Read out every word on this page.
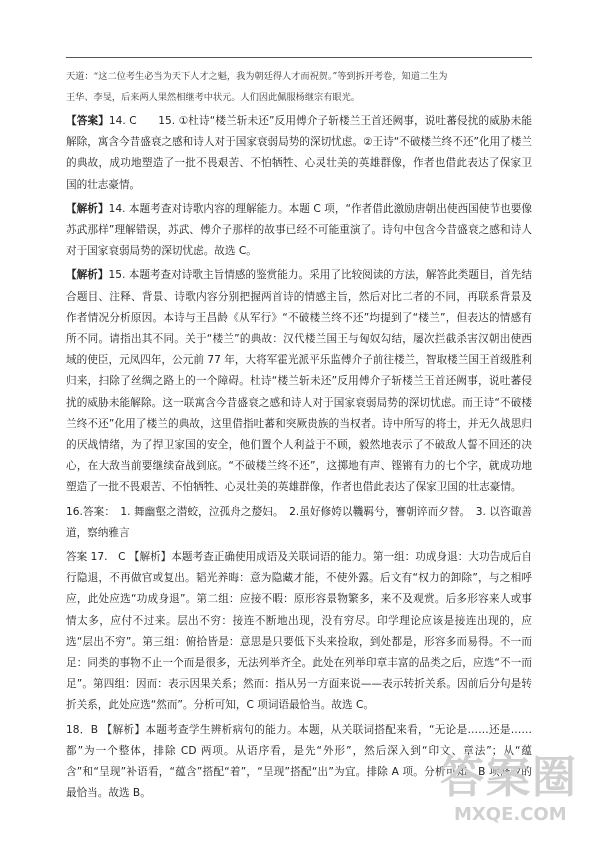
天道：“这二位考生必当为天下人才之魁，我为朝廷得人才而祝贺。”等到拆开考卷，知道二生为
王华、李旻，后来两人果然相继考中状元。人们因此佩服杨继宗有眼光。
【答案】14. C　　15. ①杜诗“楼兰斩未还”反用傅介子斩楼兰王首还阙事，说吐蕃侵扰的威胁未能解除，寓含今昔盛衰之感和诗人对于国家衰弱局势的深切忧虑。②王诗“不破楼兰终不还”化用了楼兰的典故，成功地塑造了一批不畏艰苦、不怕牺牲、心灵壮美的英雄群像，作者也借此表达了保家卫国的壮志豪情。
【解析】14. 本题考查对诗歌内容的理解能力。本题 C 项，“作者借此激励唐朝出使西国使节也要像苏武那样”理解错误，苏武、傅介子那样的故事已经不可能重演了。诗句中包含今昔盛衰之感和诗人对于国家衰弱局势的深切忧虑。故选 C。
【解析】15. 本题考查对诗歌主旨情感的鉴赏能力。采用了比较阅读的方法，解答此类题目，首先结合题目、注释、背景、诗歌内容分别把握两首诗的情感主旨，然后对比二者的不同，再联系背景及作者情况分析原因。本诗与王昌龄《从军行》“不破楼兰终不还”均提到了“楼兰”，但表达的情感有所不同。请指出其不同。关于“楼兰”的典故：汉代楼兰国王与匈奴勾结，屡次拦截杀害汉朝出使西域的使臣，元凤四年，公元前 77 年，大将军霍光派平乐监傅介子前往楼兰，智取楼兰国王首级胜利归来，扫除了丝绸之路上的一个障碍。杜诗“楼兰斩未还”反用傅介子斩楼兰王首还阙事，说吐蕃侵扰的威胁未能解除。这一联寓含今昔盛衰之感和诗人对于国家衰弱局势的深切忧虑。而王诗“不破楼兰终不还”化用了楼兰的典故，这里借指吐蕃和突厥贵族的当权者。诗中所写的将士，并无久战思归的厌战情绪，为了捍卫家国的安全，他们置个人利益于不顾，毅然地表示了不破敌人誓不回还的决心，在大敌当前要继续奋战到底。“不破楼兰终不还”，这掷地有声、铿锵有力的七个字，就成功地塑造了一批不畏艰苦、不怕牺牲、心灵壮美的英雄群像，作者也借此表达了保家卫国的壮志豪情。
16.答案：　1. 舞幽壑之潜蛟，泣孤舟之嫠妇。　2.虽好修姱以鞿羁兮，謇朝谇而夕替。　3. 以咨诹善道，察纳雅言
答案 17.　C 【解析】本题考查正确使用成语及关联词语的能力。第一组：功成身退：大功告成后自行隐退，不再做官或复出。韬光养晦：意为隐藏才能，不使外露。后文有“权力的卸除”，与之相呼应，此处应选“功成身退”。第二组：应接不暇：原形容景物繁多，来不及观赏。后多形容来人或事情太多，应付不过来。层出不穷：接连不断地出现，没有穷尽。印学理论应该是接连出现的，应选“层出不穷”。第三组：俯拾皆是：意思是只要低下头来捡取，到处都是，形容多而易得。不一而足：同类的事物不止一个而是很多，无法列举齐全。此处在列举印章丰富的品类之后，应选“不一而足”。第四组：因而：表示因果关系；然而：指从另一方面来说——表示转折关系。因前后分句是转折关系，此处应选“然而”。分析可知，C 项词语最恰当。故选 C。
18．B 【解析】本题考查学生辨析病句的能力。本题，从关联词搭配来看，“无论是……还是……都”为一个整体，排除 CD 两项。从语序看，是先“外形”，然后深入到“印文、章法”；从“蕴含”和“呈现”补语看，“蕴含”搭配“着”，“呈现”搭配“出”为宜。排除 A 项。分析可知，B 项修改的最恰当。故选 B。	答案圈
MXQE.COM
